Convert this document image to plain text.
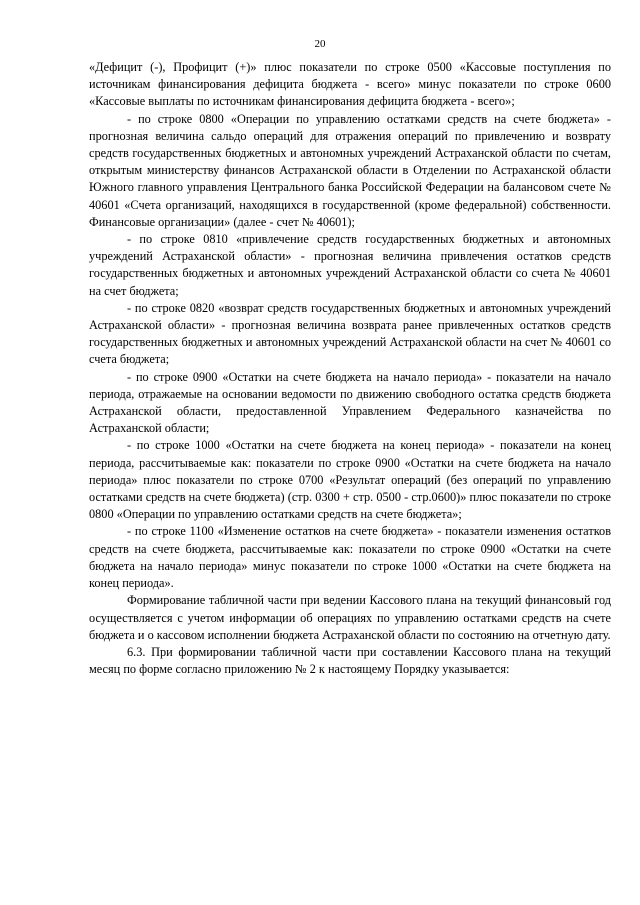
20

«Дефицит (-), Профицит (+)» плюс показатели по строке 0500 «Кассовые поступления по источникам финансирования дефицита бюджета - всего» минус показатели по строке 0600 «Кассовые выплаты по источникам финансирования дефицита бюджета - всего»;

- по строке 0800 «Операции по управлению остатками средств на счете бюджета» - прогнозная величина сальдо операций для отражения операций по привлечению и возврату средств государственных бюджетных и автономных учреждений Астраханской области по счетам, открытым министерству финансов Астраханской области в Отделении по Астраханской области Южного главного управления Центрального банка Российской Федерации на балансовом счете № 40601 «Счета организаций, находящихся в государственной (кроме федеральной) собственности. Финансовые организации» (далее - счет № 40601);

- по строке 0810 «привлечение средств государственных бюджетных и автономных учреждений Астраханской области» - прогнозная величина привлечения остатков средств государственных бюджетных и автономных учреждений Астраханской области со счета № 40601 на счет бюджета;

- по строке 0820 «возврат средств государственных бюджетных и автономных учреждений Астраханской области» - прогнозная величина возврата ранее привлеченных остатков средств государственных бюджетных и автономных учреждений Астраханской области на счет № 40601 со счета бюджета;

- по строке 0900 «Остатки на счете бюджета на начало периода» - показатели на начало периода, отражаемые на основании ведомости по движению свободного остатка средств бюджета Астраханской области, предоставленной Управлением Федерального казначейства по Астраханской области;

- по строке 1000 «Остатки на счете бюджета на конец периода» - показатели на конец периода, рассчитываемые как: показатели по строке 0900 «Остатки на счете бюджета на начало периода» плюс показатели по строке 0700 «Результат операций (без операций по управлению остатками средств на счете бюджета) (стр. 0300 + стр. 0500 - стр.0600)» плюс показатели по строке 0800 «Операции по управлению остатками средств на счете бюджета»;

- по строке 1100 «Изменение остатков на счете бюджета» - показатели изменения остатков средств на счете бюджета, рассчитываемые как: показатели по строке 0900 «Остатки на счете бюджета на начало периода» минус показатели по строке 1000 «Остатки на счете бюджета на конец периода».

Формирование табличной части при ведении Кассового плана на текущий финансовый год осуществляется с учетом информации об операциях по управлению остатками средств на счете бюджета и о кассовом исполнении бюджета Астраханской области по состоянию на отчетную дату.

6.3. При формировании табличной части при составлении Кассового плана на текущий месяц по форме согласно приложению № 2 к настоящему Порядку указывается:
